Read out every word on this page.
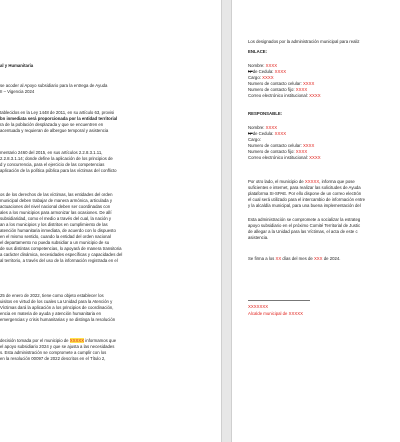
al y Humanitaria
se acoder al Apoyo subsidiario para la entrega de Ayuda
II – Vigencia 2024
tablecidos en la Ley 1448 de 2011, en su artículo 63, provisi
bn inmediata será proporcionada por la entidad territorial
ra de la población desplazada y que se encuentren en
acentuada y requieran de albergue temporal y asistencia
mentario 2460 del 2015, en sus artículos 2.2.8.3.1.11,
2.2.8.3.1.14; donde define la aplicación de los principios de
d y concurrencia, para el ejercicio de las competencias
aplicación de la política pública para las víctimas del conflicto
os de los derechos de las víctimas, las entidades del orden
municipal deben trabajar de manera armónica, articulada y
actuaciones del nivel nacional deben ser coordinadas con
ales a los municipios para armonizar las ocasiones. De allí
subsidiaridad, como el medio a través del cual, la nación y
an a los municipios y los distritos en cumplimiento de las
atención humanitaria inmediata, de acuerdo con lo dispuesto
en el mismo sentido, cuando la entidad del orden nacional
el departamento no pueda subsidiar a un municipio de su
de sus distintas competencias, lo apoyará de manera transitoria
a carácter dinámica, necesidades específicas y capacidades del
al territorio, a través del uso de la información registrada en el
25 de enero de 2022, tiene como objeto establecer los
uisitos en virtud de los cuales La Unidad para la Atención y
Víctimas dará la aplicación a los principios de coordinación,
encia en materia de ayuda y atención humanitaria en
emergencias y crisis humanitarias y se distinga la resolución
decisión tomada por el municipio de XXXXX informamos que
el apoyo subsidiario 2024 y que se ajusta a las necesidades
s. Esta administración se compromete a cumplir con los
en la resolución 00097 de 2022 descritos en el Título 2,
Los designados por la administración municipal para realiz
ENLACE:
Nombre: XXXX
Nºde Cedula: XXXX
Cargo: XXXX
Numero de contacto celular: XXXX
Numero de contacto fijo: XXXX
Correo electrónico institucional: XXXX
RESPONSABLE:
Nombre: XXXX
Nºde Cedula: XXXX
Cargo:
Numero de contacto celular: XXXX
Numero de contacto fijo: XXXX
Correo electrónico institucional: XXXX
Por otro lado, el municipio de XXXXX, informa que pose
suficientes e internet, para realizar las solicitudes de Ayuda
plataforma SI-SPAE. Por ello dispone de un correo electrón
el cual será utilizado para el intercambio de información entre
y la alcaldía municipal, para una buena implementación del
Esta administración se compromete a socializar la estrateg
apoyo subsidiario en el próximo Comité Territorial de Justic
de allegar a la Unidad para las Víctimas, el acta de este c
asistencia.
Se firma a los XX días del mes de XXX de 2024.
XXXXXXX
Alcalde municipal de XXXXX
